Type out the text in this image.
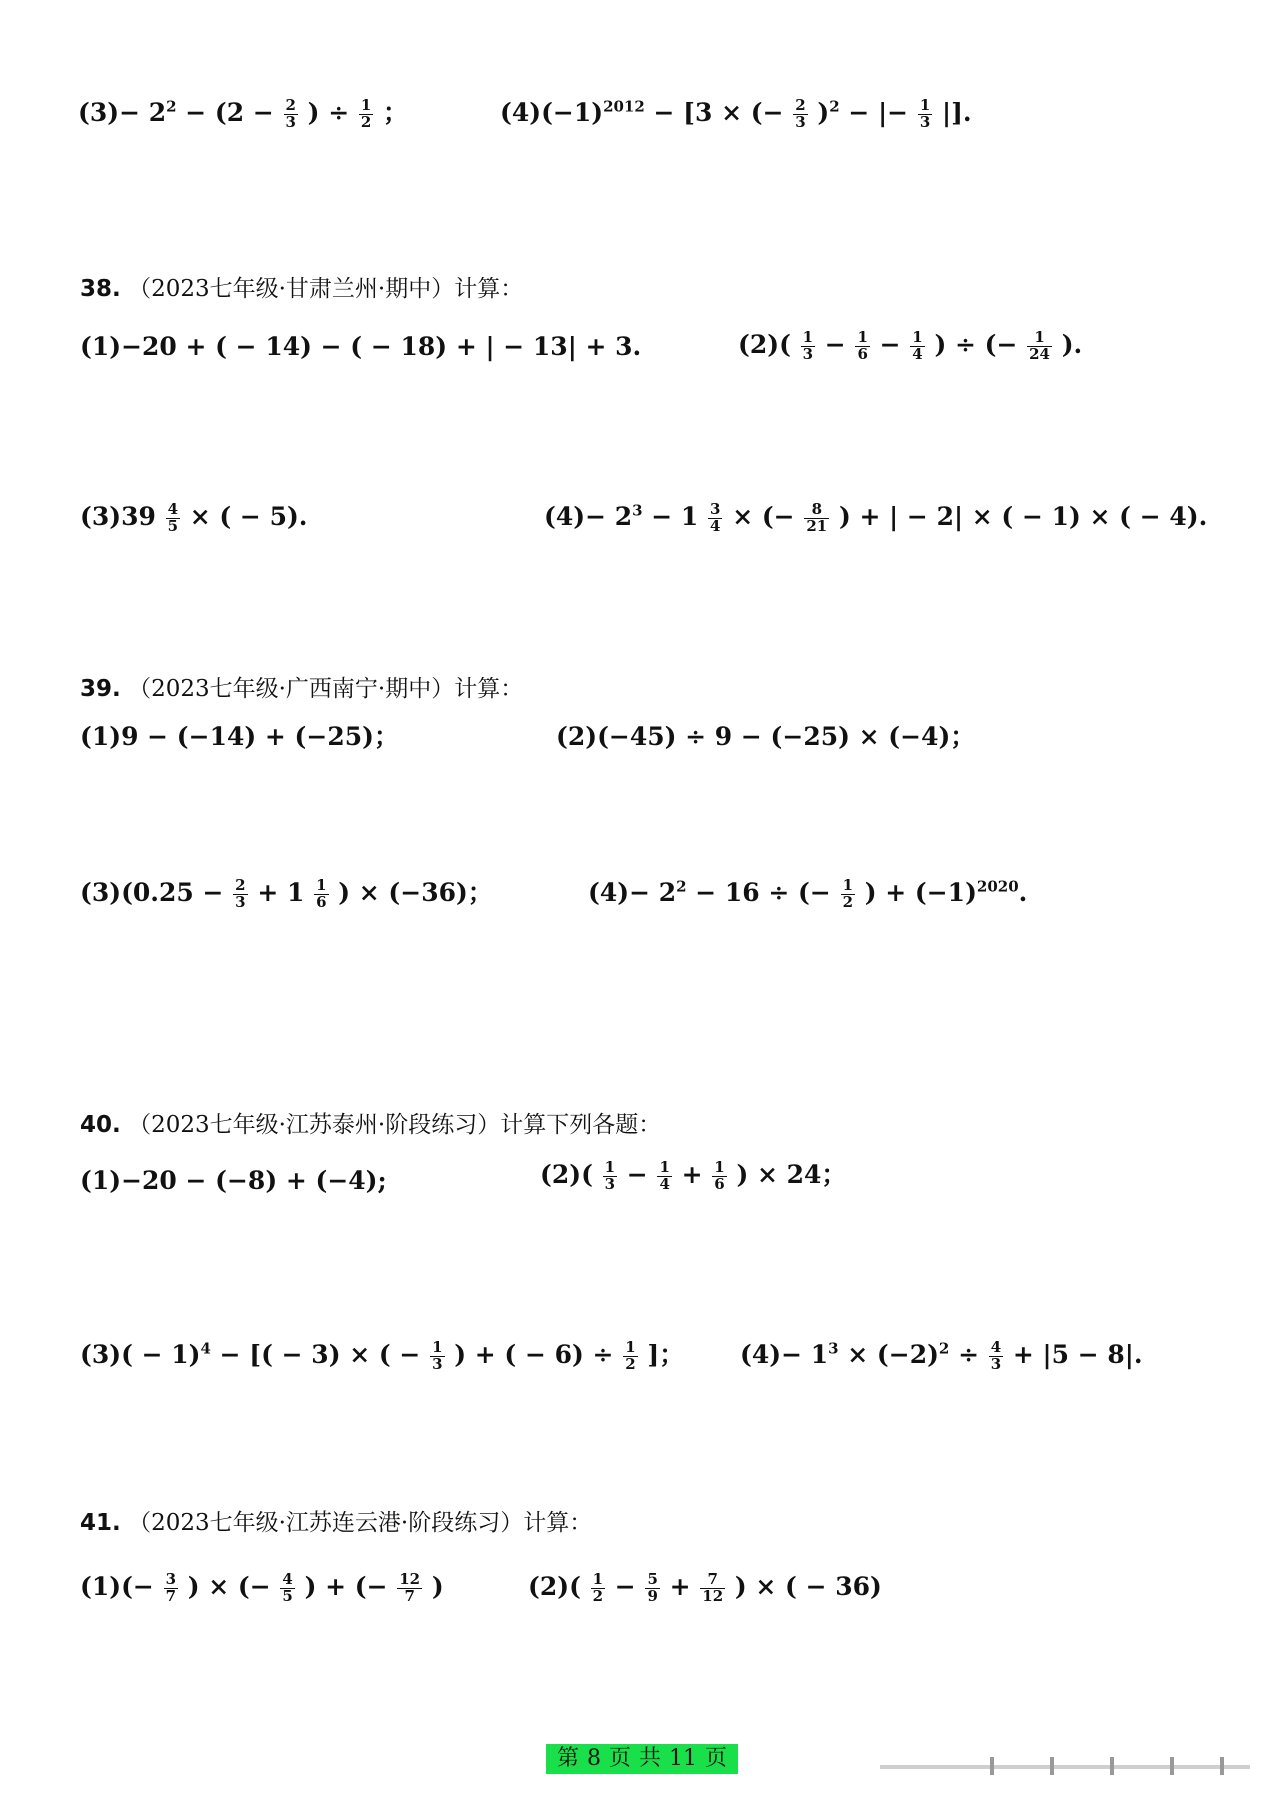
$(3)- 2^2 - (2 - \frac{2}{3}$ ) ÷ $\frac{1}{2}$ ；	$(4)(-1)^{2012} - [3$ × (− $\frac{2}{3} )^2$ − |− $\frac{1}{3}$ |].
38. （2023七年级·甘肃兰州·期中）计算：
(1)−20 + ( − 14) − ( − 18) + | − 13| + 3.	$(2)( \frac{1}{3} - \frac{1}{6} - \frac{1}{4}$ ) ÷ (− $\frac{1}{24}$ ).
$(3)39 \frac{4}{5}$ × ( − 5).	$(4)- 2^3 - 1 \frac{3}{4}$ × (− $\frac{8}{21}$ ) + | − 2| × ( − 1) × ( − 4).
39. （2023七年级·广西南宁·期中）计算：
(1)9 − (−14) + (−25)；	(2)(−45) ÷ 9 − (−25) × (−4)；
$(3)(0.25 - \frac{2}{3} + 1 \frac{1}{6}$ ) × (−36)；	$(4)- 2^2 - 16$ ÷ (− $\frac{1}{2}$ ) + $(-1)^{2020}$.
40. （2023七年级·江苏泰州·阶段练习）计算下列各题：
(1)−20 − (−8) + (−4);	$(2)( \frac{1}{3} - \frac{1}{4} + \frac{1}{6}$ ) × 24；
$(3)( - 1)^4$ − [( − 3) × ( − $\frac{1}{3}$ ) + ( − $6) \div \frac{1}{2}$ ]； $(4)- 1^3 \times (-2)^2 \div \frac{4}{3} + |5 - 8|$.
41. （2023七年级·江苏连云港·阶段练习）计算：
$(1)(- \frac{3}{7}$ ) × (− $\frac{4}{5}$ ) + (− $\frac{12}{7}$ )	$(2)( \frac{1}{2} - \frac{5}{9} + \frac{7}{12}$ ) × ( − 36)
第 8 页 共 11 页
